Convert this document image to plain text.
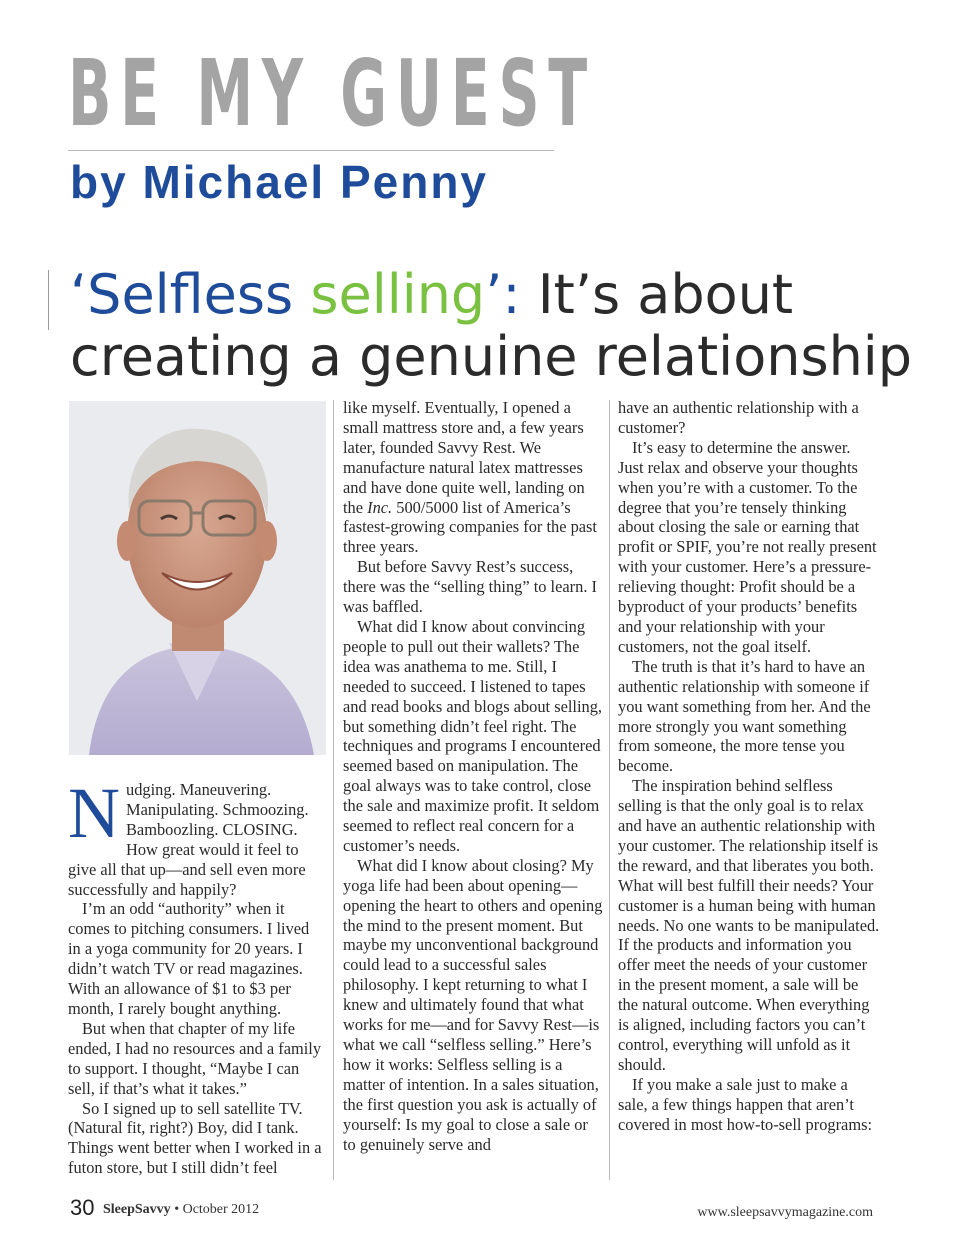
BE MY GUEST
by Michael Penny
‘Selfless selling’: It’s about creating a genuine relationship

Nudging. Maneuvering. Manipulating. Schmoozing. Bamboozling. CLOSING. How great would it feel to give all that up—and sell even more successfully and happily?

I’m an odd “authority” when it comes to pitching consumers. I lived in a yoga community for 20 years. I didn’t watch TV or read magazines. With an allowance of $1 to $3 per month, I rarely bought anything.

But when that chapter of my life ended, I had no resources and a family to support. I thought, “Maybe I can sell, if that’s what it takes.”

So I signed up to sell satellite TV. (Natural fit, right?) Boy, did I tank. Things went better when I worked in a futon store, but I still didn’t feel

like myself. Eventually, I opened a small mattress store and, a few years later, founded Savvy Rest. We manufacture natural latex mattresses and have done quite well, landing on the Inc. 500/5000 list of America’s fastest-growing companies for the past three years.

But before Savvy Rest’s success, there was the “selling thing” to learn. I was baffled.

What did I know about convincing people to pull out their wallets? The idea was anathema to me. Still, I needed to succeed. I listened to tapes and read books and blogs about selling, but something didn’t feel right. The techniques and programs I encountered seemed based on manipulation. The goal always was to take control, close the sale and maximize profit. It seldom seemed to reflect real concern for a customer’s needs.

What did I know about closing? My yoga life had been about opening—opening the heart to others and opening the mind to the present moment. But maybe my unconventional background could lead to a successful sales philosophy. I kept returning to what I knew and ultimately found that what works for me—and for Savvy Rest—is what we call “selfless selling.” Here’s how it works: Selfless selling is a matter of intention. In a sales situation, the first question you ask is actually of yourself: Is my goal to close a sale or to genuinely serve and

have an authentic relationship with a customer?

It’s easy to determine the answer. Just relax and observe your thoughts when you’re with a customer. To the degree that you’re tensely thinking about closing the sale or earning that profit or SPIF, you’re not really present with your customer. Here’s a pressure-relieving thought: Profit should be a byproduct of your products’ benefits and your relationship with your customers, not the goal itself.

The truth is that it’s hard to have an authentic relationship with someone if you want something from her. And the more strongly you want something from someone, the more tense you become.

The inspiration behind selfless selling is that the only goal is to relax and have an authentic relationship with your customer. The relationship itself is the reward, and that liberates you both. What will best fulfill their needs? Your customer is a human being with human needs. No one wants to be manipulated. If the products and information you offer meet the needs of your customer in the present moment, a sale will be the natural outcome. When everything is aligned, including factors you can’t control, everything will unfold as it should.

If you make a sale just to make a sale, a few things happen that aren’t covered in most how-to-sell programs:

30 SleepSavvy • October 2012	www.sleepsavvymagazine.com
